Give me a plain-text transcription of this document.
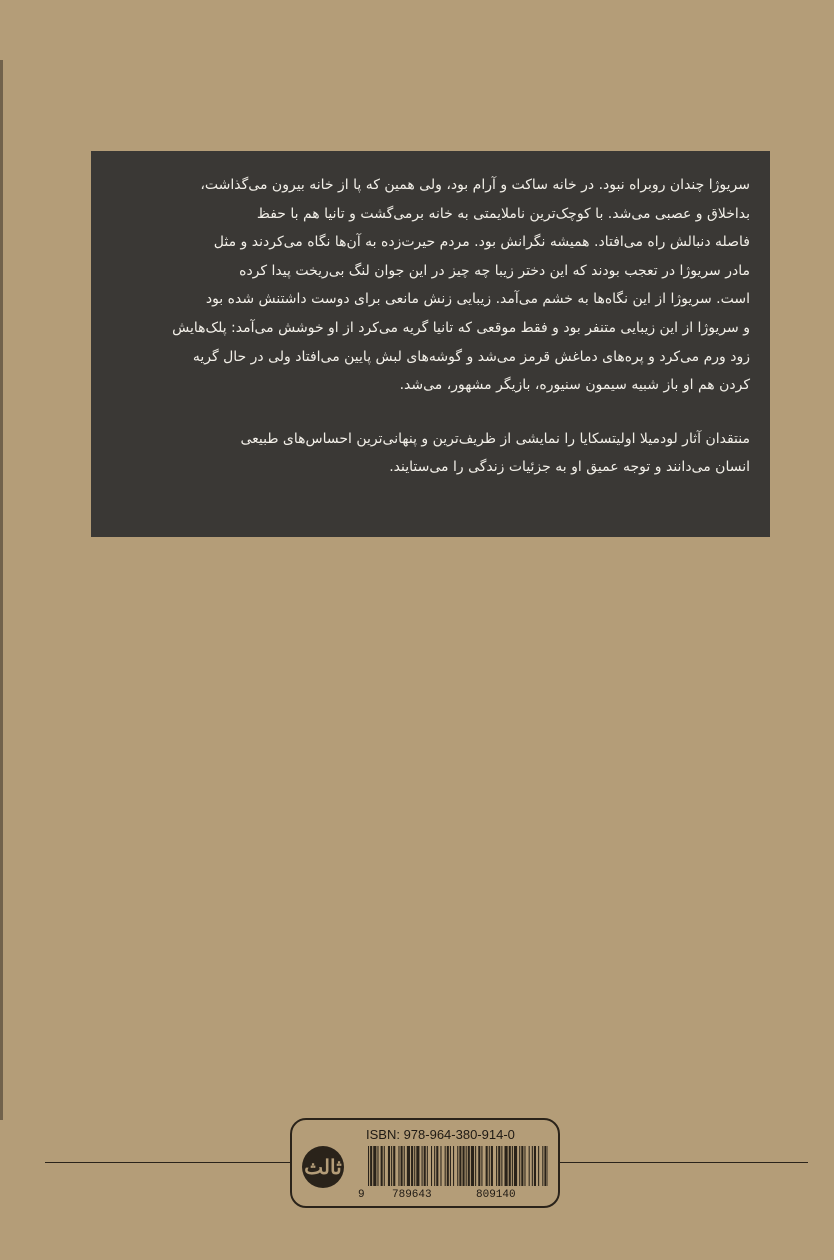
سریوژا چندان روبراه نبود. در خانه ساکت و آرام بود، ولی همین که پا از خانه بیرون می‌گذاشت،
بداخلاق و عصبی می‌شد. با کوچک‌ترین ناملایمتی به خانه برمی‌گشت و تانیا هم با حفظ
فاصله دنبالش راه می‌افتاد. همیشه نگرانش بود. مردم حیرت‌زده به آن‌ها نگاه می‌کردند و مثل
مادر سریوژا در تعجب بودند که این دختر زیبا چه چیز در این جوان لنگ بی‌ریخت پیدا کرده
است. سریوژا از این نگاه‌ها به خشم می‌آمد. زیبایی زنش مانعی برای دوست داشتنش شده بود
و سریوژا از این زیبایی متنفر بود و فقط موقعی که تانیا گریه می‌کرد از او خوشش می‌آمد: پلک‌هایش
زود ورم می‌کرد و پره‌های دماغش قرمز می‌شد و گوشه‌های لبش پایین می‌افتاد ولی در حال گریه
کردن هم او باز شبیه سیمون سنیوره، بازیگر مشهور، می‌شد.

منتقدان آثار لودمیلا اولیتسکایا را نمایشی از ظریف‌ترین و پنهانی‌ترین احساس‌های طبیعی
انسان می‌دانند و توجه عمیق او به جزئیات زندگی را می‌ستایند.

ثالث
ISBN: 978-964-380-914-0
9 789643	809140
